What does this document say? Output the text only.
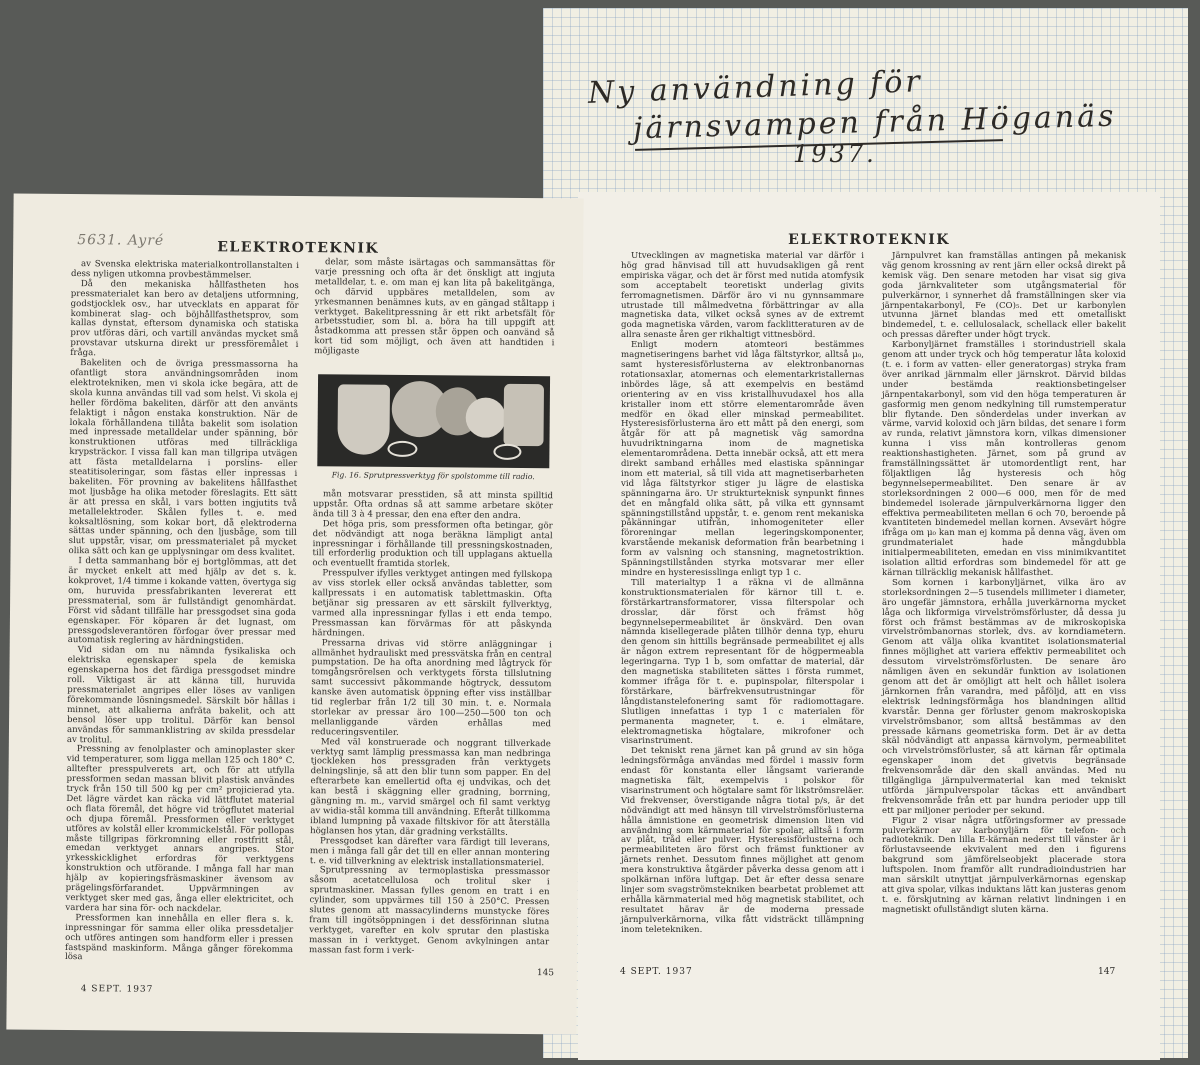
Ny användning för

järnsvampen från Höganäs

1937.

ELEKTROTEKNIK

Utvecklingen av magnetiska material var därför i hög grad hänvisad till att huvudsakligen gå rent empiriska vägar, och det är först med nutida atomfysik som acceptabelt teoretiskt underlag givits ferromagnetismen. Därför äro vi nu gynnsammare utrustade till målmedvetna förbättringar av alla magnetiska data, vilket också synes av de extremt goda magnetiska värden, varom facklitteraturen av de allra senaste åren ger rikhaltigt vittnesbörd.

Enligt modern atomteori bestämmes magnetiseringens barhet vid låga fältstyrkor, alltså μ₀, samt hysteresisförlusterna av elektronbanornas rotationsaxlar, atomernas och elementarkristallernas inbördes läge, så att exempelvis en bestämd orientering av en viss kristallhuvudaxel hos alla kristaller inom ett större elementarområde även medför en ökad eller minskad permeabilitet. Hysteresisförlusterna äro ett mått på den energi, som åtgår för att på magnetisk väg samordna huvudriktningarna inom de magnetiska elementarområdena. Detta innebär också, att ett mera direkt samband erhålles med elastiska spänningar inom ett material, så till vida att magnetiserbarheten vid låga fältstyrkor stiger ju lägre de elastiska spänningarna äro. Ur strukturteknisk synpunkt finnes det en mångfald olika sätt, på vilka ett gynnsamt spänningstillstånd uppstår, t. e. genom rent mekaniska påkänningar utifrån, inhomogeniteter eller föroreningar mellan legeringskomponenter, kvarstående mekanisk deformation från bearbetning i form av valsning och stansning, magnetostriktion. Spänningstillstånden styrka motsvarar mer eller mindre en hysteresisslinga enligt typ 1 c.

Till materialtyp 1 a räkna vi de allmänna konstruktionsmaterialen för kärnor till t. e. förstärkartransformatorer, vissa filterspolar och drosslar, där först och främst hög begynnelsepermeabilitet är önskvärd. Den ovan nämnda kisellegerade plåten tillhör denna typ, ehuru den genom sin hittills begränsade permeabilitet ej alls är någon extrem representant för de högpermeabla legeringarna. Typ 1 b, som omfattar de material, där den magnetiska stabiliteten sättes i första rummet, kommer ifråga för t. e. pupinspolar, filterspolar i förstärkare, bärfrekvensutrustningar för långdistanstelefonering samt för radiomottagare. Slutligen innefattas i typ 1 c materialen för permanenta magneter, t. e. i elmätare, elektromagnetiska högtalare, mikrofoner och visarinstrument.

Det tekniskt rena järnet kan på grund av sin höga ledningsförmåga användas med fördel i massiv form endast för konstanta eller långsamt varierande magnetiska fält, exempelvis i polskor för visarinstrument och högtalare samt för likströmsreläer. Vid frekvenser, överstigande några tiotal p/s, är det nödvändigt att med hänsyn till virvelströmsförlusterna hålla ämnistione en geometrisk dimension liten vid användning som kärnmaterial för spolar, alltså i form av plåt, tråd eller pulver. Hysteresisförlusterna och permeabiliteten äro först och främst funktioner av järnets renhet. Dessutom finnes möjlighet att genom mera konstruktiva åtgärder påverka dessa genom att i spolkärnan införa luftgap. Det är efter dessa senare linjer som svagströmstekniken bearbetat problemet att erhålla kärnmaterial med hög magnetisk stabilitet, och resultatet härav är de moderna pressade järnpulverkärnorna, vilka fått vidsträckt tillämpning inom teletekniken.

Järnpulvret kan framställas antingen på mekanisk väg genom krossning av rent järn eller också direkt på kemisk väg. Den senare metoden har visat sig giva goda järnkvaliteter som utgångsmaterial för pulverkärnor, i synnerhet då framställningen sker via järnpentakarbonyl, Fe (CO)₅. Det ur karbonylen utvunna järnet blandas med ett ometalliskt bindemedel, t. e. cellulosalack, schellack eller bakelit och pressas därefter under högt tryck.

Karbonyljärnet framställes i storindustriell skala genom att under tryck och hög temperatur låta koloxid (t. e. i form av vatten- eller generatorgas) stryka fram över anrikad järnmalm eller järnskrot. Därvid bildas under bestämda reaktionsbetingelser järnpentakarbonyl, som vid den höga temperaturen är gasformig men genom nedkylning till rumstemperatur blir flytande. Den sönderdelas under inverkan av värme, varvid koloxid och järn bildas, det senare i form av runda, relativt jämnstora korn, vilkas dimensioner kunna i viss mån kontrolleras genom reaktionshastigheten. Järnet, som på grund av framställningssättet är utomordentligt rent, har följaktligen låg hysteresis och hög begynnelsepermeabilitet. Den senare är av storleksordningen 2 000—6 000, men för de med bindemedel isolerade järnpulverkärnorna ligger den effektiva permeabiliteten mellan 6 och 70, beroende på kvantiteten bindemedel mellan kornen. Avsevärt högre ifråga om μ₀ kan man ej komma på denna väg, även om grundmaterialet hade mångdubbla initialpermeabiliteten, emedan en viss minimikvantitet isolation alltid erfordras som bindemedel för att ge kärnan tillräcklig mekanisk hållfasthet.

Som kornen i karbonyljärnet, vilka äro av storleksordningen 2—5 tusendels millimeter i diameter, äro ungefär jämnstora, erhålla juverkärnorna mycket låga och likformiga virvelströmsförluster, då dessa ju först och främst bestämmas av de mikroskopiska virvelströmbanornas storlek, dvs. av korndiametern. Genom att välja olika kvantitet isolationsmaterial finnes möjlighet att variera effektiv permeabilitet och dessutom virvelströmsförlusten. De senare äro nämligen även en sekundär funktion av isolationen genom att det är omöjligt att helt och hållet isolera järnkornen från varandra, med påföljd, att en viss elektrisk ledningsförmåga hos blandningen alltid kvarstår. Denna ger förluster genom makroskopiska virvelströmsbanor, som alltså bestämmas av den pressade kärnans geometriska form. Det är av detta skäl nödvändigt att anpassa kärnvolym, permeabilitet och virvelströmsförluster, så att kärnan får optimala egenskaper inom det givetvis begränsade frekvensområde där den skall användas. Med nu tillgängliga järnpulvermaterial kan med tekniskt utförda järnpulverspolar täckas ett användbart frekvensområde från ett par hundra perioder upp till ett par miljoner perioder per sekund.

Figur 2 visar några utföringsformer av pressade pulverkärnor av karbonyljärn för telefon- och radioteknik. Den lilla E-kärnan nederst till vänster är i förlustavseende ekvivalent med den i figurens bakgrund som jämförelseobjekt placerade stora luftspolen. Inom framför allt rundradioindustrien har man särskilt utnyttjat järnpulverkärnornas egenskap att giva spolar, vilkas induktans lätt kan justeras genom t. e. förskjutning av kärnan relativt lindningen i en magnetiskt ofullständigt sluten kärna.

4 SEPT. 1937	147

5631. Ayré	ELEKTROTEKNIK

av Svenska elektriska materialkontrollanstalten i dess nyligen utkomna provbestämmelser.

Då den mekaniska hållfastheten hos pressmaterialet kan bero av detaljens utformning, godstjocklek osv., har utvecklats en apparat för kombinerat slag- och böjhållfasthetsprov, som kallas dynstat, eftersom dynamiska och statiska prov utföras däri, och vartill användas mycket små provstavar utskurna direkt ur pressföremålet i fråga.

Bakeliten och de övriga pressmassorna ha ofantligt stora användningsområden inom elektrotekniken, men vi skola icke begära, att de skola kunna användas till vad som helst. Vi skola ej heller fördöma bakeliten, därför att den använts felaktigt i någon enstaka konstruktion. När de lokala förhållandena tillåta bakelit som isolation med inpressade metalldelar under spänning, bör konstruktionen utföras med tillräckliga krypsträckor. I vissa fall kan man tillgripa utvägen att fästa metalldelarna i porslins- eller steatitisoleringar, som fästas eller inpressas i bakeliten. För provning av bakelitens hållfasthet mot ljusbåge ha olika metoder föreslagits. Ett sätt är att pressa en skål, i vars botten ingjutits två metallelektroder. Skålen fylles t. e. med koksaltlösning, som kokar bort, då elektroderna sättas under spänning, och den ljusbåge, som till slut uppstår, visar, om pressmaterialet på mycket olika sätt och kan ge upplysningar om dess kvalitet.

I detta sammanhang bör ej bortglömmas, att det är mycket enkelt att med hjälp av det s. k. kokprovet, 1/4 timme i kokande vatten, övertyga sig om, huruvida pressfabrikanten levererat ett pressmaterial, som är fullständigt genomhärdat. Först vid sådant tillfälle har pressgodset sina goda egenskaper. För köparen är det lugnast, om pressgodsleverantören förfogar över pressar med automatisk reglering av härdningstiden.

Vid sidan om nu nämnda fysikaliska och elektriska egenskaper spela de kemiska egenskaperna hos det färdiga pressgodset mindre roll. Viktigast är att känna till, huruvida pressmaterialet angripes eller löses av vanligen förekommande lösningsmedel. Särskilt bör hållas i minnet, att alkalierna anfräta bakelit, och att bensol löser upp trolitul. Därför kan bensol användas för sammanklistring av skilda pressdelar av trolitul.

Pressning av fenolplaster och aminoplaster sker vid temperaturer, som ligga mellan 125 och 180° C. alltefter presspulverets art, och för att utfylla pressformen sedan massan blivit plastisk användes tryck från 150 till 500 kg per cm² projicierad yta. Det lägre värdet kan räcka vid lättflutet material och flata föremål, det högre vid trögflutet material och djupa föremål. Pressformen eller verktyget utföres av kolstål eller krommickelstål. För pollopas måste tillgripas förkromning eller rostfritt stål, emedan verktyget annars angripes. Stor yrkesskicklighet erfordras för verktygens konstruktion och utförande. I många fall har man hjälp av kopieringsfräsmaskiner ävensom av prägelingsförfarandet. Uppvärmningen av verktyget sker med gas, ånga eller elektricitet, och vardera har sina för- och nackdelar.

Pressformen kan innehålla en eller flera s. k. inpressningar för samma eller olika pressdetaljer och utföres antingen som handform eller i pressen fastspänd maskinform. Många gånger förekomma lösa

delar, som måste isärtagas och sammansättas för varje pressning och ofta är det önskligt att ingjuta metalldelar, t. e. om man ej kan lita på bakelitgänga, och därvid uppbäres metalldelen, som av yrkesmannen benämnes kuts, av en gängad ståltapp i verktyget. Bakelitpressning är ett rikt arbetsfält för arbetsstudier, som bl. a. böra ha till uppgift att åstadkomma att pressen står öppen och oanvänd så kort tid som möjligt, och även att handtiden i möjligaste

Fig. 16. Sprutpressverktyg för spolstomme till radio.

mån motsvarar presstiden, så att minsta spilltid uppstår. Ofta ordnas så att samme arbetare sköter ända till 3 à 4 pressar, den ena efter den andra.

Det höga pris, som pressformen ofta betingar, gör det nödvändigt att noga beräkna lämpligt antal inpressningar i förhållande till pressningskostnaden, till erforderlig produktion och till upplagans aktuella och eventuellt framtida storlek.

Presspulver ifylles verktyget antingen med fyllskopa av viss storlek eller också användas tabletter, som kallpressats i en automatisk tablettmaskin. Ofta betjänar sig pressaren av ett särskilt fyllverktyg, varmed alla inpressningar fyllas i ett enda tempo. Pressmassan kan förvärmas för att påskynda härdningen.

Pressarna drivas vid större anläggningar i allmänhet hydrauliskt med pressvätska från en central pumpstation. De ha ofta anordning med lågtryck för tomgångsrörelsen och verktygets första tillslutning samt successivt påkommande högtryck, dessutom kanske även automatisk öppning efter viss inställbar tid reglerbar från 1/2 till 30 min. t. e. Normala storlekar av pressar äro 100—250—500 ton och mellanliggande värden erhållas med reduceringsventiler.

Med väl konstruerade och noggrant tillverkade verktyg samt lämplig pressmassa kan man nedbringa tjockleken hos pressgraden från verktygets delningslinje, så att den blir tunn som papper. En del efterarbete kan emellertid ofta ej undvikas, och det kan bestå i skäggning eller gradning, borrning, gängning m. m., varvid smärgel och fil samt verktyg av widia-stål komma till användning. Efteråt tillkomma ibland lumpning på vaxade filtskivor för att återställa höglansen hos ytan, där gradning verkställts.

Pressgodset kan därefter vara färdigt till leverans, men i många fall går det till en eller annan montering t. e. vid tillverkning av elektrisk installationsmateriel.

Sprutpressning av termoplastiska pressmassor såsom acetatcellulosa och trolitul sker i sprutmaskiner. Massan fylles genom en tratt i en cylinder, som uppvärmes till 150 à 250°C. Pressen slutes genom att massacylinderns munstycke föres fram till ingötsöppningen i det dessförinnan slutna verktyget, varefter en kolv sprutar den plastiska massan in i verktyget. Genom avkylningen antar massan fast form i verk-

4 SEPT. 1937

145
